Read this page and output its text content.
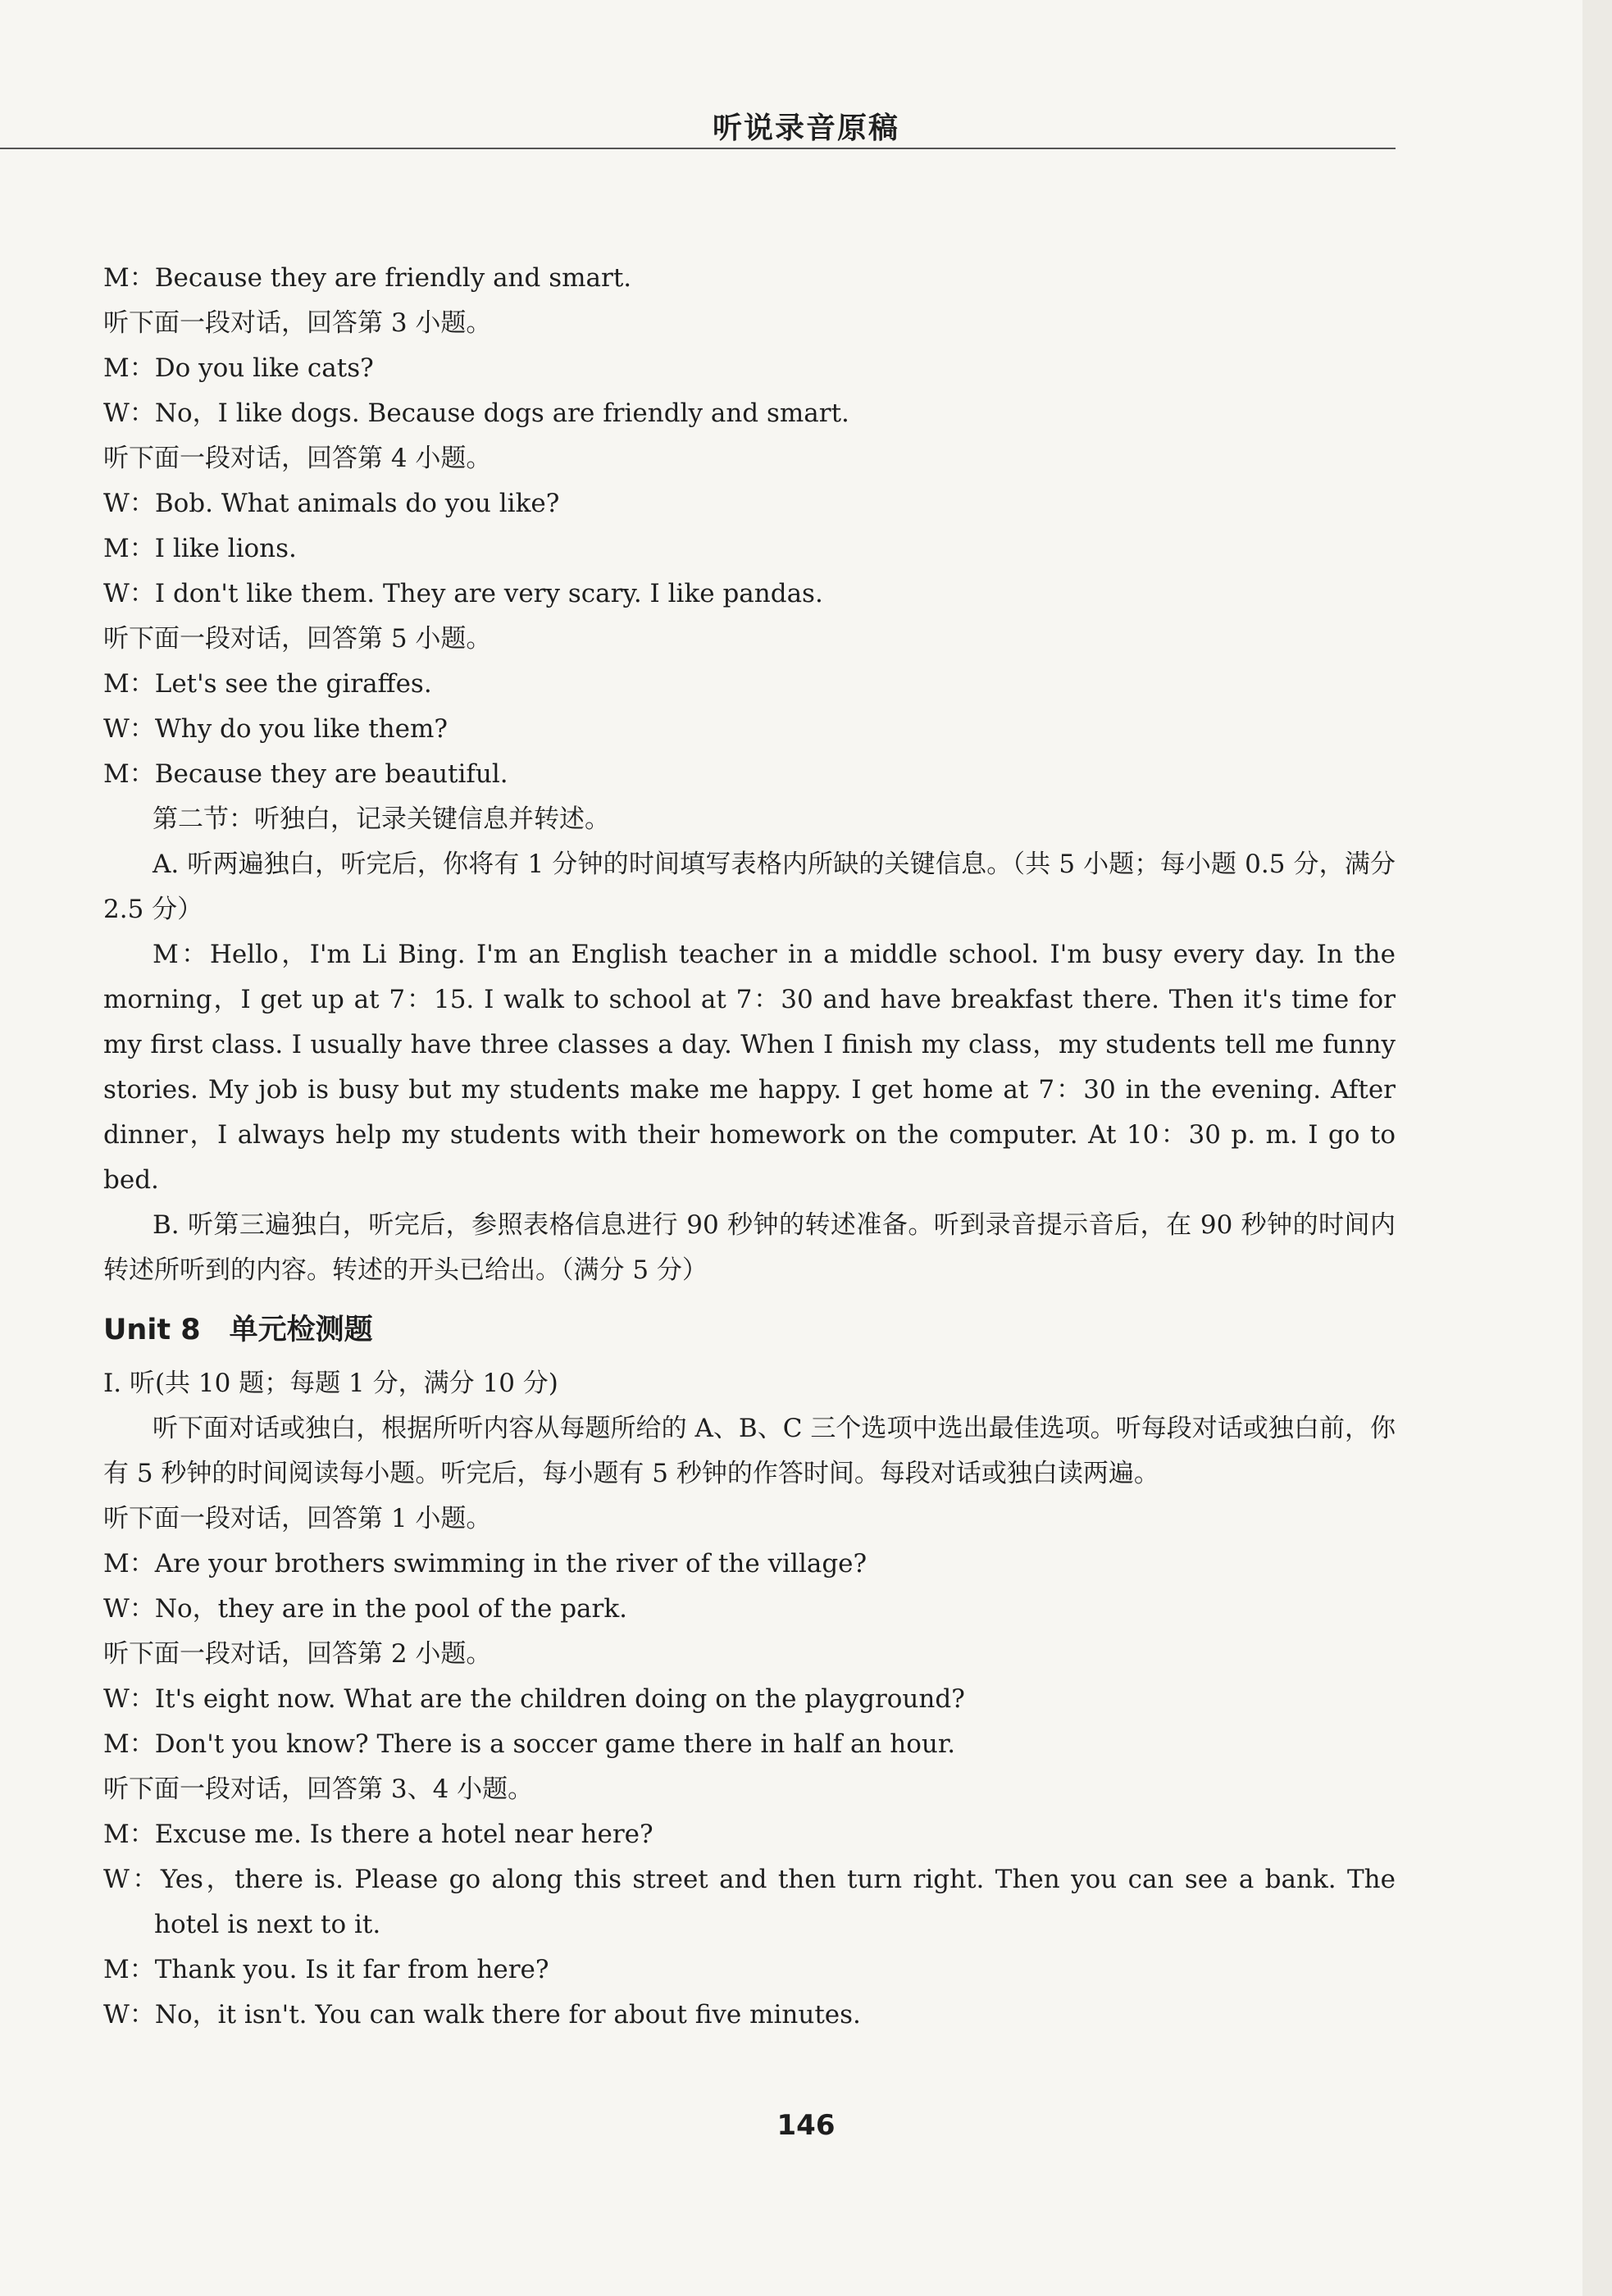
听说录音原稿
M：Because they are friendly and smart.
听下面一段对话，回答第 3 小题。
M：Do you like cats?
W：No，I like dogs. Because dogs are friendly and smart.
听下面一段对话，回答第 4 小题。
W：Bob. What animals do you like?
M：I like lions.
W：I don't like them. They are very scary. I like pandas.
听下面一段对话，回答第 5 小题。
M：Let's see the giraffes.
W：Why do you like them?
M：Because they are beautiful.
第二节：听独白，记录关键信息并转述。
A. 听两遍独白，听完后，你将有 1 分钟的时间填写表格内所缺的关键信息。（共 5 小题；每小题 0.5 分，满分 2.5 分）
M：Hello，I'm Li Bing. I'm an English teacher in a middle school. I'm busy every day. In the morning，I get up at 7：15. I walk to school at 7：30 and have breakfast there. Then it's time for my first class. I usually have three classes a day. When I finish my class，my students tell me funny stories. My job is busy but my students make me happy. I get home at 7：30 in the evening. After dinner，I always help my students with their homework on the computer. At 10：30 p. m. I go to bed.
B. 听第三遍独白，听完后，参照表格信息进行 90 秒钟的转述准备。听到录音提示音后，在 90 秒钟的时间内转述所听到的内容。转述的开头已给出。（满分 5 分）
Unit 8　单元检测题
Ⅰ. 听(共 10 题；每题 1 分，满分 10 分)
听下面对话或独白，根据所听内容从每题所给的 A、B、C 三个选项中选出最佳选项。听每段对话或独白前，你有 5 秒钟的时间阅读每小题。听完后，每小题有 5 秒钟的作答时间。每段对话或独白读两遍。
听下面一段对话，回答第 1 小题。
M：Are your brothers swimming in the river of the village?
W：No，they are in the pool of the park.
听下面一段对话，回答第 2 小题。
W：It's eight now. What are the children doing on the playground?
M：Don't you know? There is a soccer game there in half an hour.
听下面一段对话，回答第 3、4 小题。
M：Excuse me. Is there a hotel near here?
W：Yes，there is. Please go along this street and then turn right. Then you can see a bank. The hotel is next to it.
M：Thank you. Is it far from here?
W：No，it isn't. You can walk there for about five minutes.
146
